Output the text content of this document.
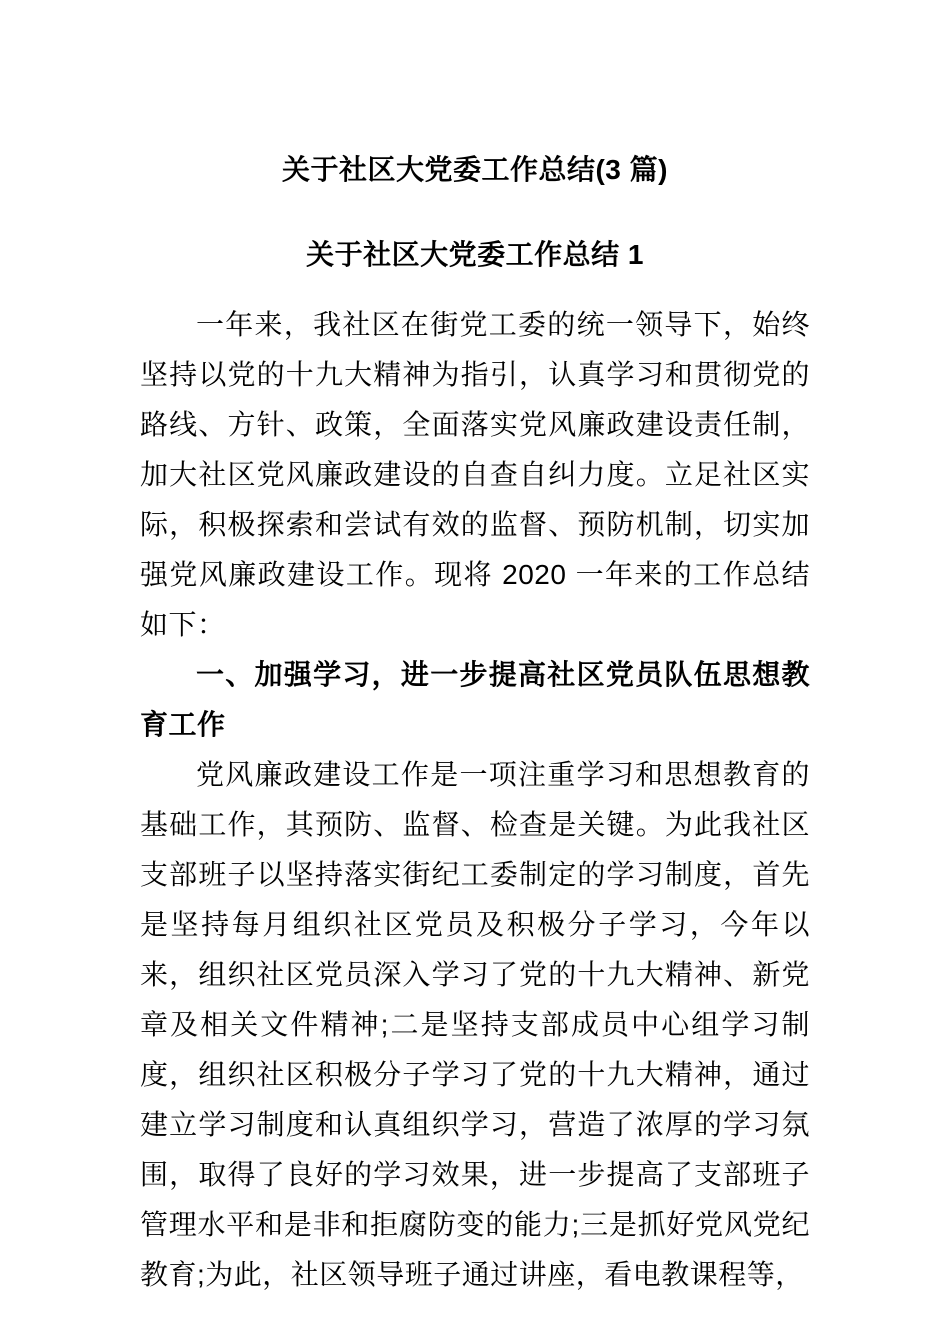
关于社区大党委工作总结(3 篇)
关于社区大党委工作总结 1

一年来，我社区在街党工委的统一领导下，始终坚持以党的十九大精神为指引，认真学习和贯彻党的路线、方针、政策，全面落实党风廉政建设责任制，加大社区党风廉政建设的自查自纠力度。立足社区实际，积极探索和尝试有效的监督、预防机制，切实加强党风廉政建设工作。现将 2020 一年来的工作总结如下：

一、加强学习，进一步提高社区党员队伍思想教育工作

党风廉政建设工作是一项注重学习和思想教育的基础工作，其预防、监督、检查是关键。为此我社区支部班子以坚持落实街纪工委制定的学习制度，首先是坚持每月组织社区党员及积极分子学习，今年以来，组织社区党员深入学习了党的十九大精神、新党章及相关文件精神;二是坚持支部成员中心组学习制度，组织社区积极分子学习了党的十九大精神，通过建立学习制度和认真组织学习，营造了浓厚的学习氛围，取得了良好的学习效果，进一步提高了支部班子管理水平和是非和拒腐防变的能力;三是抓好党风党纪教育;为此，社区领导班子通过讲座，看电教课程等，
